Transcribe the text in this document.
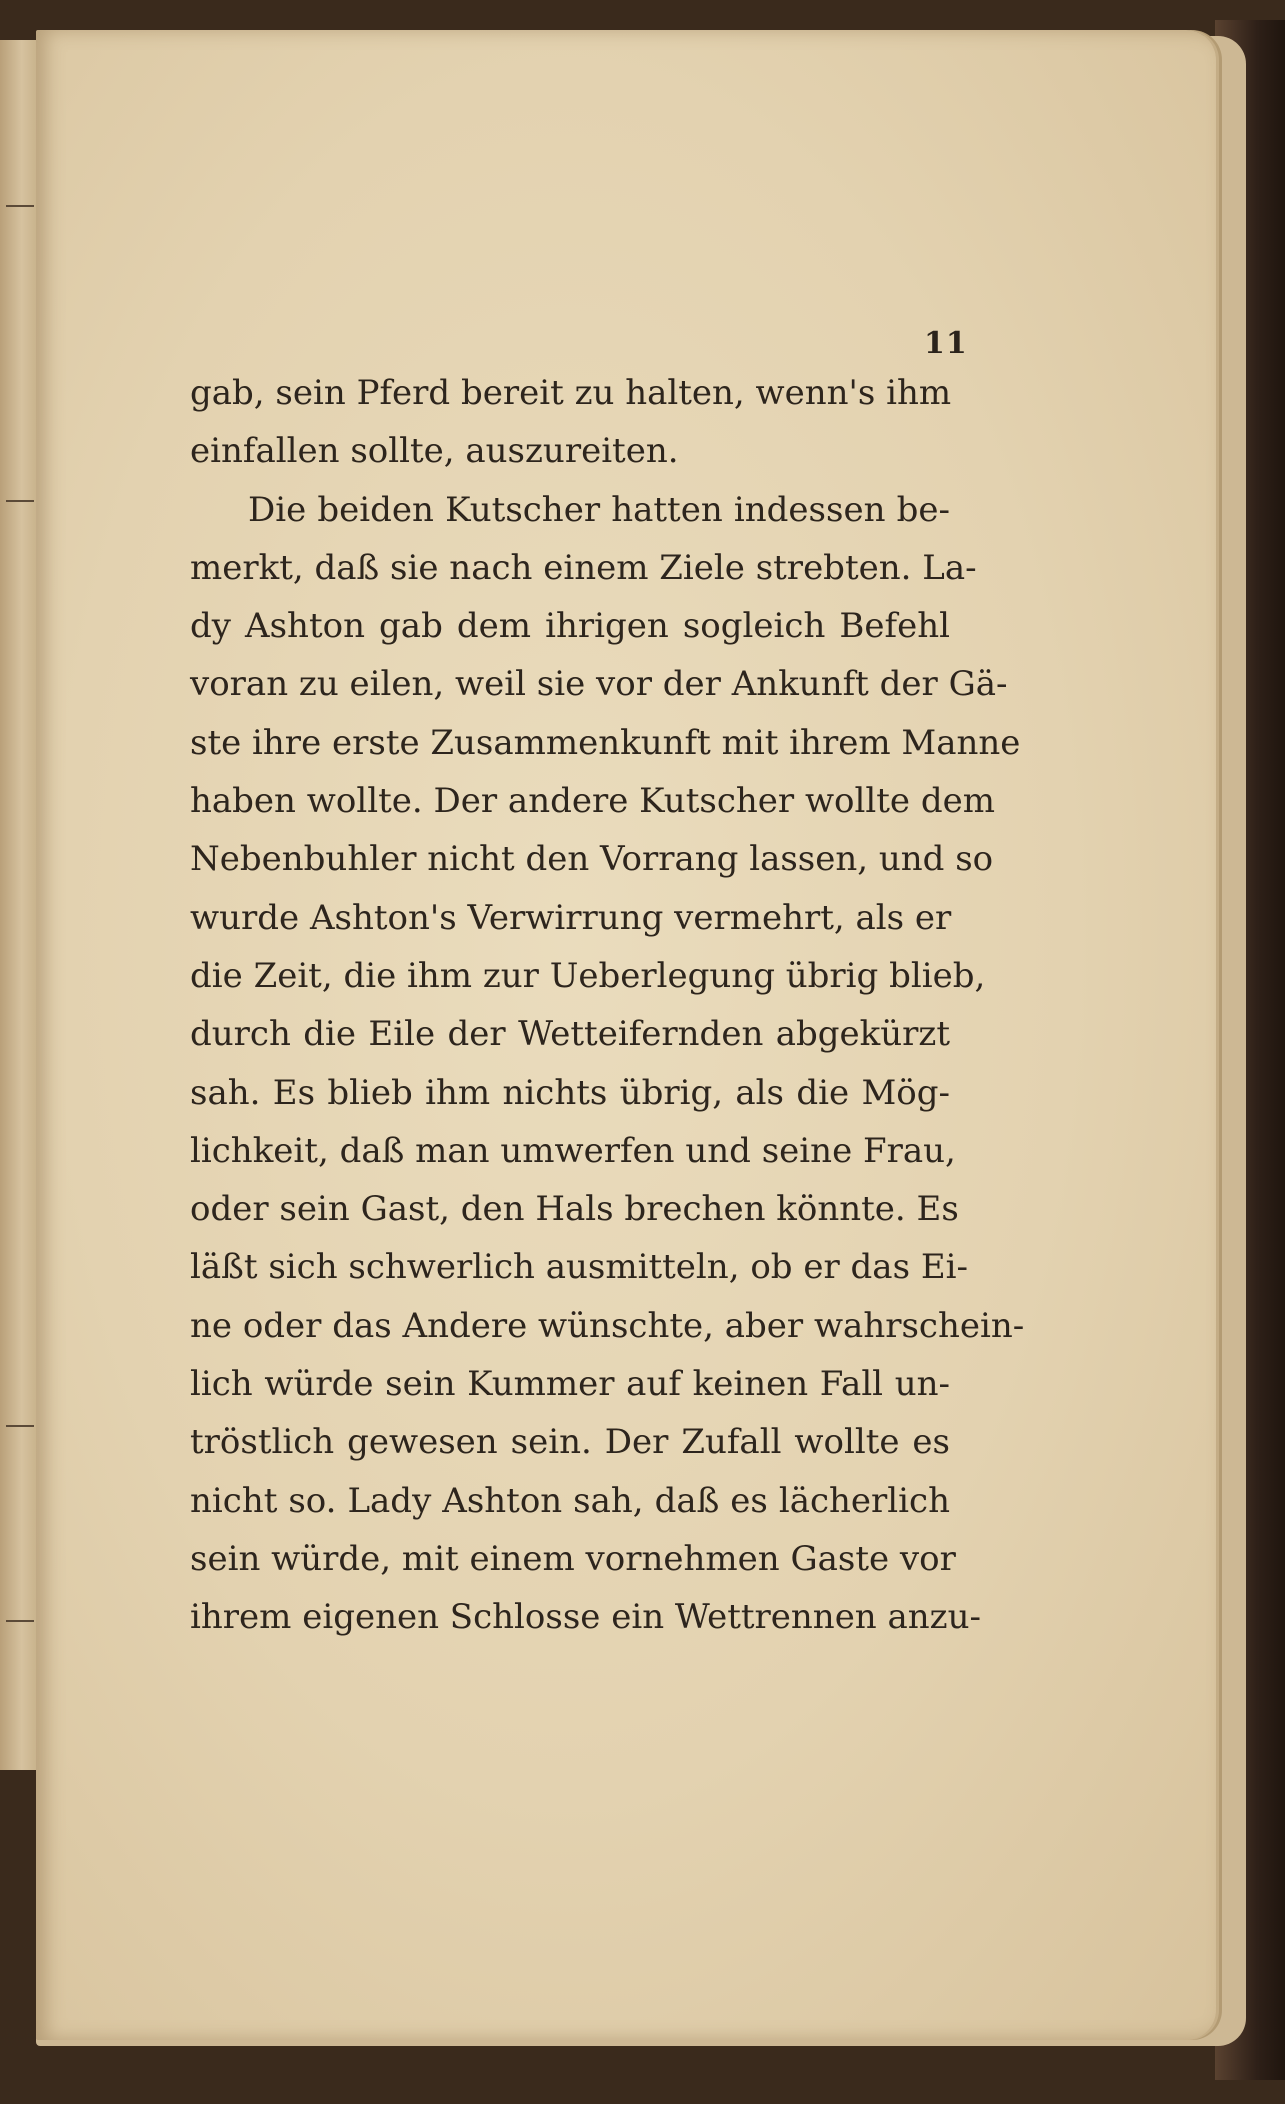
11
gab, sein Pferd bereit zu halten, wenn's ihm
einfallen sollte, auszureiten.
Die beiden Kutscher hatten indessen be-
merkt, daß sie nach einem Ziele strebten. La-
dy Ashton gab dem ihrigen sogleich Befehl
voran zu eilen, weil sie vor der Ankunft der Gä-
ste ihre erste Zusammenkunft mit ihrem Manne
haben wollte. Der andere Kutscher wollte dem
Nebenbuhler nicht den Vorrang lassen, und so
wurde Ashton's Verwirrung vermehrt, als er
die Zeit, die ihm zur Ueberlegung übrig blieb,
durch die Eile der Wetteifernden abgekürzt
sah. Es blieb ihm nichts übrig, als die Mög-
lichkeit, daß man umwerfen und seine Frau,
oder sein Gast, den Hals brechen könnte. Es
läßt sich schwerlich ausmitteln, ob er das Ei-
ne oder das Andere wünschte, aber wahrschein-
lich würde sein Kummer auf keinen Fall un-
tröstlich gewesen sein. Der Zufall wollte es
nicht so. Lady Ashton sah, daß es lächerlich
sein würde, mit einem vornehmen Gaste vor
ihrem eigenen Schlosse ein Wettrennen anzu-
